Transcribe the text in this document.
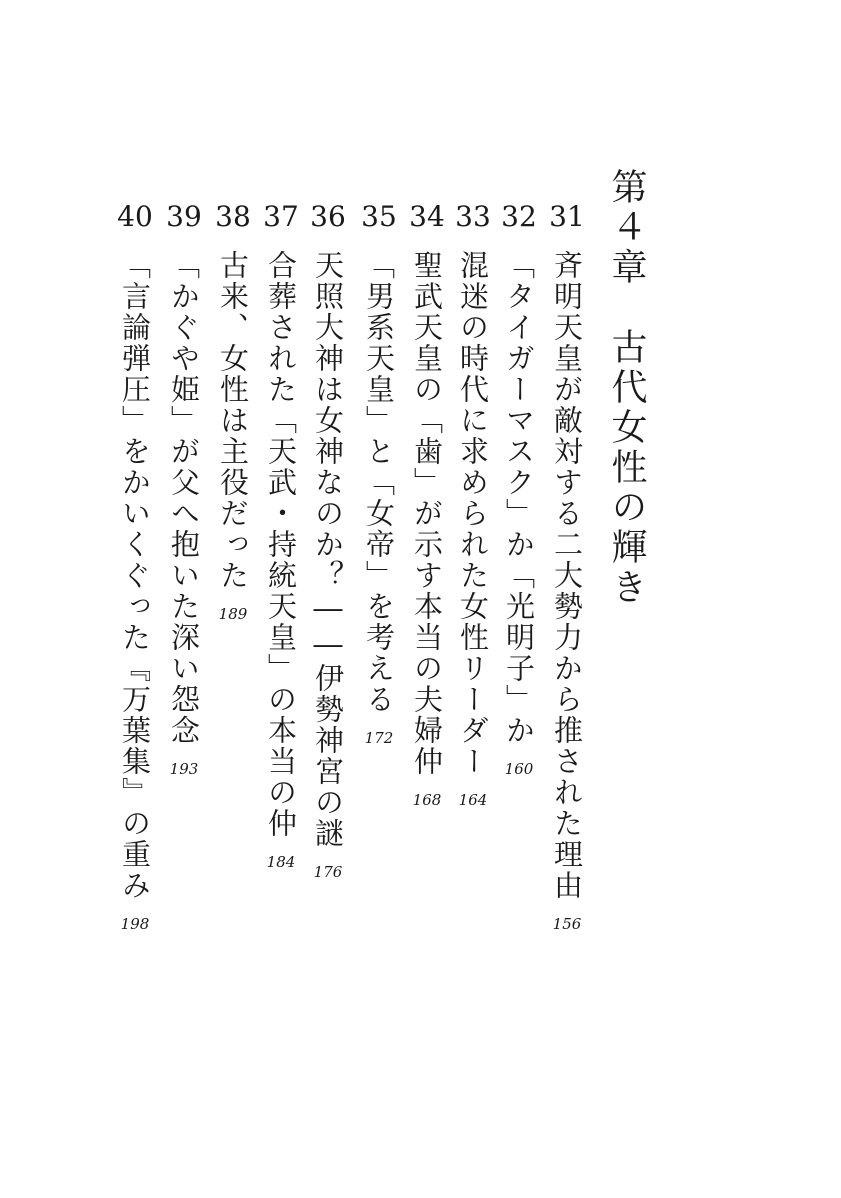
第４章　古代女性の輝き
31
斉明天皇が敵対する二大勢力から推された理由
156
32
「タイガーマスク」か「光明子」か
160
33
混迷の時代に求められた女性リーダー
164
34
聖武天皇の「歯」が示す本当の夫婦仲
168
35
「男系天皇」と「女帝」を考える
172
36
天照大神は女神なのか？――伊勢神宮の謎
176
37
合葬された「天武・持統天皇」の本当の仲
184
38
古来、女性は主役だった
189
39
「かぐや姫」が父へ抱いた深い怨念
193
40
「言論弾圧」をかいくぐった『万葉集』の重み
198
